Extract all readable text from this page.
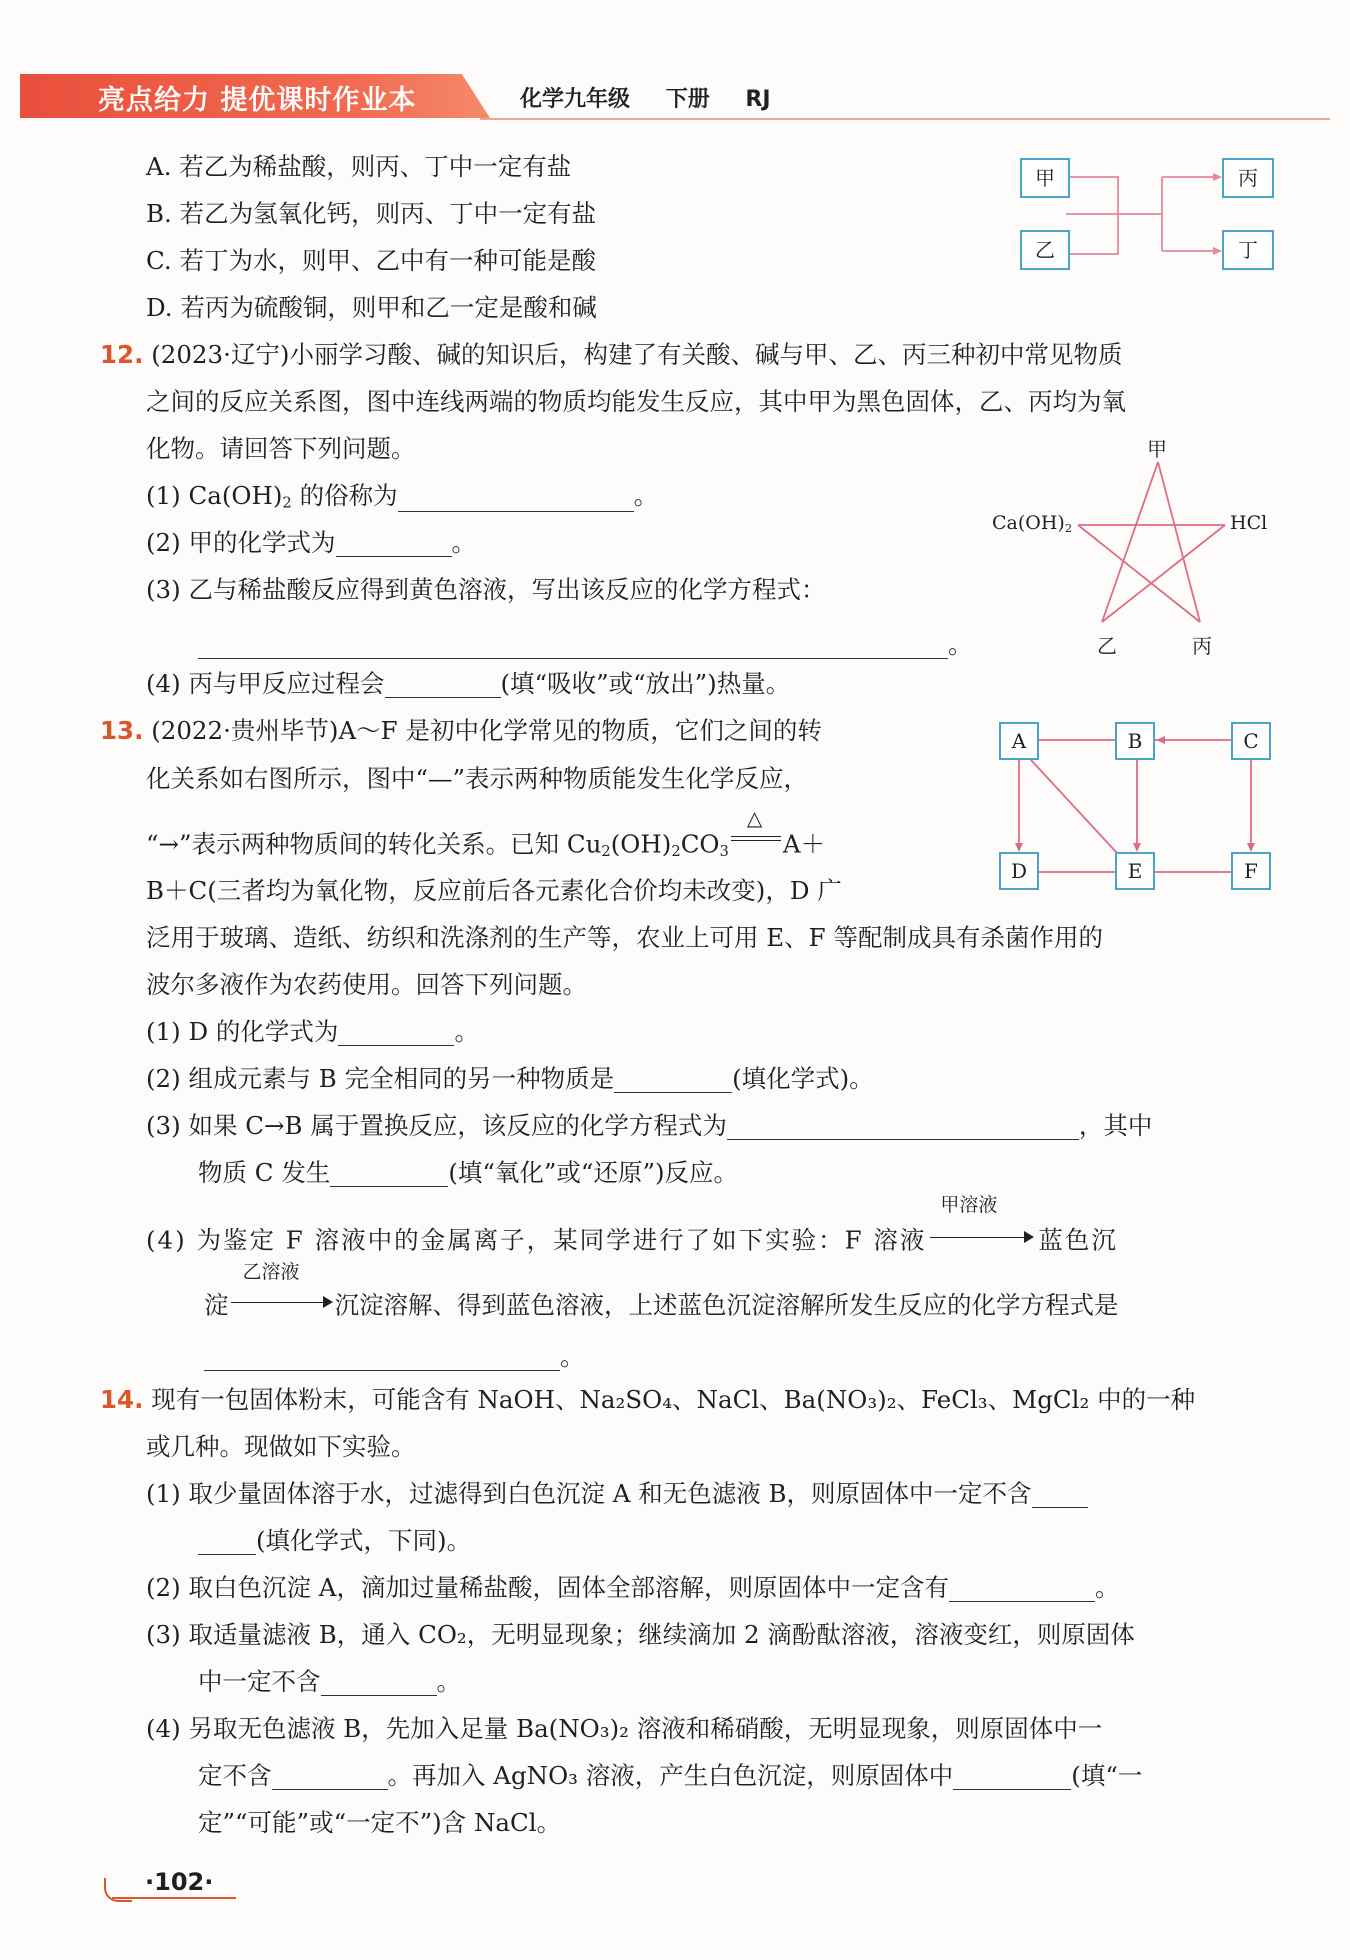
亮点给力 提优课时作业本	化学九年级 下册 RJ
A. 若乙为稀盐酸，则丙、丁中一定有盐
B. 若乙为氢氧化钙，则丙、丁中一定有盐
C. 若丁为水，则甲、乙中有一种可能是酸
D. 若丙为硫酸铜，则甲和乙一定是酸和碱
甲
乙
丙
丁
12. (2023·辽宁)小丽学习酸、碱的知识后，构建了有关酸、碱与甲、乙、丙三种初中常见物质
之间的反应关系图，图中连线两端的物质均能发生反应，其中甲为黑色固体，乙、丙均为氧
化物。请回答下列问题。
(1) $Ca(OH)_2$ 的俗称为	。
(2) 甲的化学式为	。
(3) 乙与稀盐酸反应得到黄色溶液，写出该反应的化学方程式：
。
(4) 丙与甲反应过程会	(填“吸收”或“放出”)热量。
甲
$Ca(OH)_2$	HCl
乙	丙
13. (2022·贵州毕节)A～F 是初中化学常见的物质，它们之间的转
化关系如右图所示，图中“—”表示两种物质能发生化学反应，
“→”表示两种物质间的转化关系。已知 $Cu_2(OH)_2CO_3$
△
A＋
B＋C(三者均为氧化物，反应前后各元素化合价均未改变)，D 广
泛用于玻璃、造纸、纺织和洗涤剂的生产等，农业上可用 E、F 等配制成具有杀菌作用的
波尔多液作为农药使用。回答下列问题。
(1) D 的化学式为	。
(2) 组成元素与 B 完全相同的另一种物质是	(填化学式)。
(3) 如果 C→B 属于置换反应，该反应的化学方程式为	，其中
物质 C 发生	(填“氧化”或“还原”)反应。
(4) 为鉴定 F 溶液中的金属离子，某同学进行了如下实验：F 溶液
甲溶液
蓝色沉
淀
乙溶液
沉淀溶解、得到蓝色溶液，上述蓝色沉淀溶解所发生反应的化学方程式是
。
A	B	C
D	E	F
14. 现有一包固体粉末，可能含有 NaOH、Na₂SO₄、NaCl、Ba(NO₃)₂、FeCl₃、MgCl₂ 中的一种
或几种。现做如下实验。
(1) 取少量固体溶于水，过滤得到白色沉淀 A 和无色滤液 B，则原固体中一定不含
(填化学式，下同)。
(2) 取白色沉淀 A，滴加过量稀盐酸，固体全部溶解，则原固体中一定含有	。
(3) 取适量滤液 B，通入 CO₂，无明显现象；继续滴加 2 滴酚酞溶液，溶液变红，则原固体
中一定不含	。
(4) 另取无色滤液 B，先加入足量 Ba(NO₃)₂ 溶液和稀硝酸，无明显现象，则原固体中一
定不含	。再加入 AgNO₃ 溶液，产生白色沉淀，则原固体中	(填“一
定”“可能”或“一定不”)含 NaCl。
·102·
